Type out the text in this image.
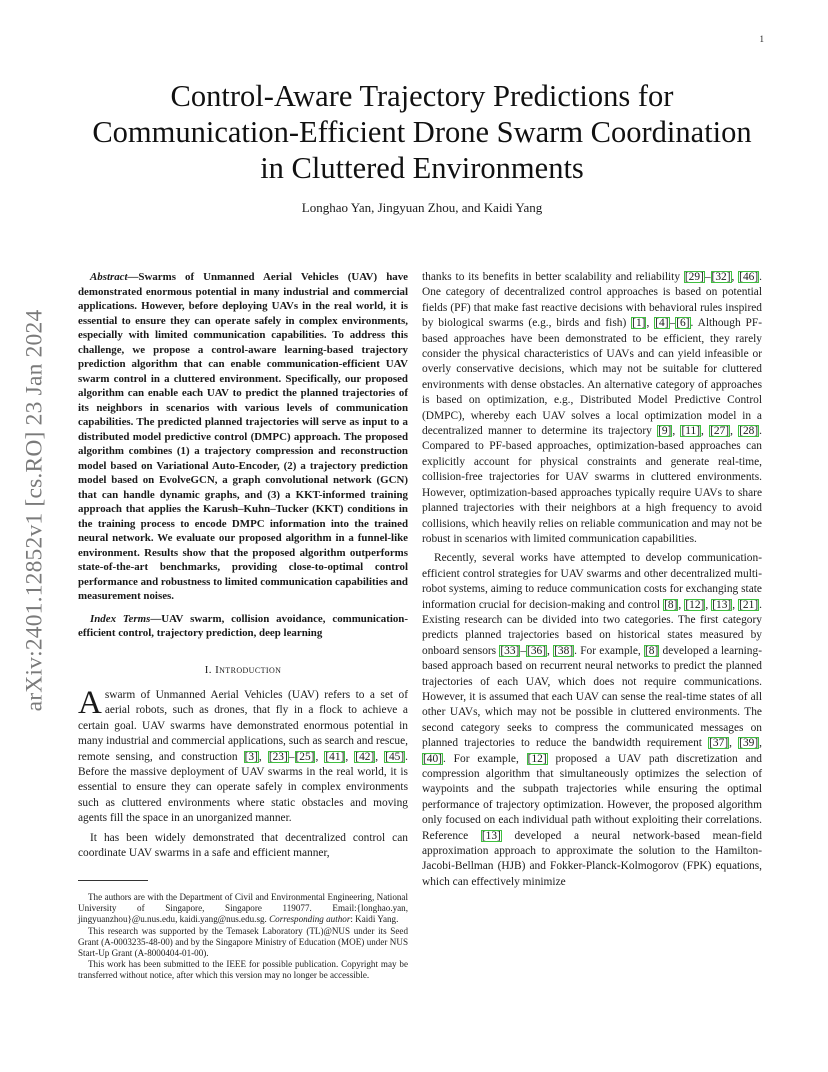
1
arXiv:2401.12852v1 [cs.RO] 23 Jan 2024
Control-Aware Trajectory Predictions for
Communication-Efficient Drone Swarm Coordination
in Cluttered Environments
Longhao Yan, Jingyuan Zhou, and Kaidi Yang

Abstract—Swarms of Unmanned Aerial Vehicles (UAV) have demonstrated enormous potential in many industrial and commercial applications. However, before deploying UAVs in the real world, it is essential to ensure they can operate safely in complex environments, especially with limited communication capabilities. To address this challenge, we propose a control-aware learning-based trajectory prediction algorithm that can enable communication-efficient UAV swarm control in a cluttered environment. Specifically, our proposed algorithm can enable each UAV to predict the planned trajectories of its neighbors in scenarios with various levels of communication capabilities. The predicted planned trajectories will serve as input to a distributed model predictive control (DMPC) approach. The proposed algorithm combines (1) a trajectory compression and reconstruction model based on Variational Auto-Encoder, (2) a trajectory prediction model based on EvolveGCN, a graph convolutional network (GCN) that can handle dynamic graphs, and (3) a KKT-informed training approach that applies the Karush–Kuhn–Tucker (KKT) conditions in the training process to encode DMPC information into the trained neural network. We evaluate our proposed algorithm in a funnel-like environment. Results show that the proposed algorithm outperforms state-of-the-art benchmarks, providing close-to-optimal control performance and robustness to limited communication capabilities and measurement noises.

Index Terms—UAV swarm, collision avoidance, communication-efficient control, trajectory prediction, deep learning

I. Introduction

A swarm of Unmanned Aerial Vehicles (UAV) refers to a set of aerial robots, such as drones, that fly in a flock to achieve a certain goal. UAV swarms have demonstrated enormous potential in many industrial and commercial applications, such as search and rescue, remote sensing, and construction [3], [23]–[25], [41], [42], [45]. Before the massive deployment of UAV swarms in the real world, it is essential to ensure they can operate safely in complex environments such as cluttered environments where static obstacles and moving agents fill the space in an unorganized manner.

It has been widely demonstrated that decentralized control can coordinate UAV swarms in a safe and efficient manner,

The authors are with the Department of Civil and Environmental Engineering, National University of Singapore, Singapore 119077. Email:{longhao.yan, jingyuanzhou}@u.nus.edu, kaidi.yang@nus.edu.sg. Corresponding author: Kaidi Yang.

This research was supported by the Temasek Laboratory (TL)@NUS under its Seed Grant (A-0003235-48-00) and by the Singapore Ministry of Education (MOE) under NUS Start-Up Grant (A-8000404-01-00).

This work has been submitted to the IEEE for possible publication. Copyright may be transferred without notice, after which this version may no longer be accessible.

thanks to its benefits in better scalability and reliability [29]–[32], [46]. One category of decentralized control approaches is based on potential fields (PF) that make fast reactive decisions with behavioral rules inspired by biological swarms (e.g., birds and fish) [1], [4]–[6]. Although PF-based approaches have been demonstrated to be efficient, they rarely consider the physical characteristics of UAVs and can yield infeasible or overly conservative decisions, which may not be suitable for cluttered environments with dense obstacles. An alternative category of approaches is based on optimization, e.g., Distributed Model Predictive Control (DMPC), whereby each UAV solves a local optimization model in a decentralized manner to determine its trajectory [9], [11], [27], [28]. Compared to PF-based approaches, optimization-based approaches can explicitly account for physical constraints and generate real-time, collision-free trajectories for UAV swarms in cluttered environments. However, optimization-based approaches typically require UAVs to share planned trajectories with their neighbors at a high frequency to avoid collisions, which heavily relies on reliable communication and may not be robust in scenarios with limited communication capabilities.

Recently, several works have attempted to develop communication-efficient control strategies for UAV swarms and other decentralized multi-robot systems, aiming to reduce communication costs for exchanging state information crucial for decision-making and control [8], [12], [13], [21]. Existing research can be divided into two categories. The first category predicts planned trajectories based on historical states measured by onboard sensors [33]–[36], [38]. For example, [8] developed a learning-based approach based on recurrent neural networks to predict the planned trajectories of each UAV, which does not require communications. However, it is assumed that each UAV can sense the real-time states of all other UAVs, which may not be possible in cluttered environments. The second category seeks to compress the communicated messages on planned trajectories to reduce the bandwidth requirement [37], [39], [40]. For example, [12] proposed a UAV path discretization and compression algorithm that simultaneously optimizes the selection of waypoints and the subpath trajectories while ensuring the optimal performance of trajectory optimization. However, the proposed algorithm only focused on each individual path without exploiting their correlations. Reference [13] developed a neural network-based mean-field approximation approach to approximate the solution to the Hamilton-Jacobi-Bellman (HJB) and Fokker-Planck-Kolmogorov (FPK) equations, which can effectively minimize
